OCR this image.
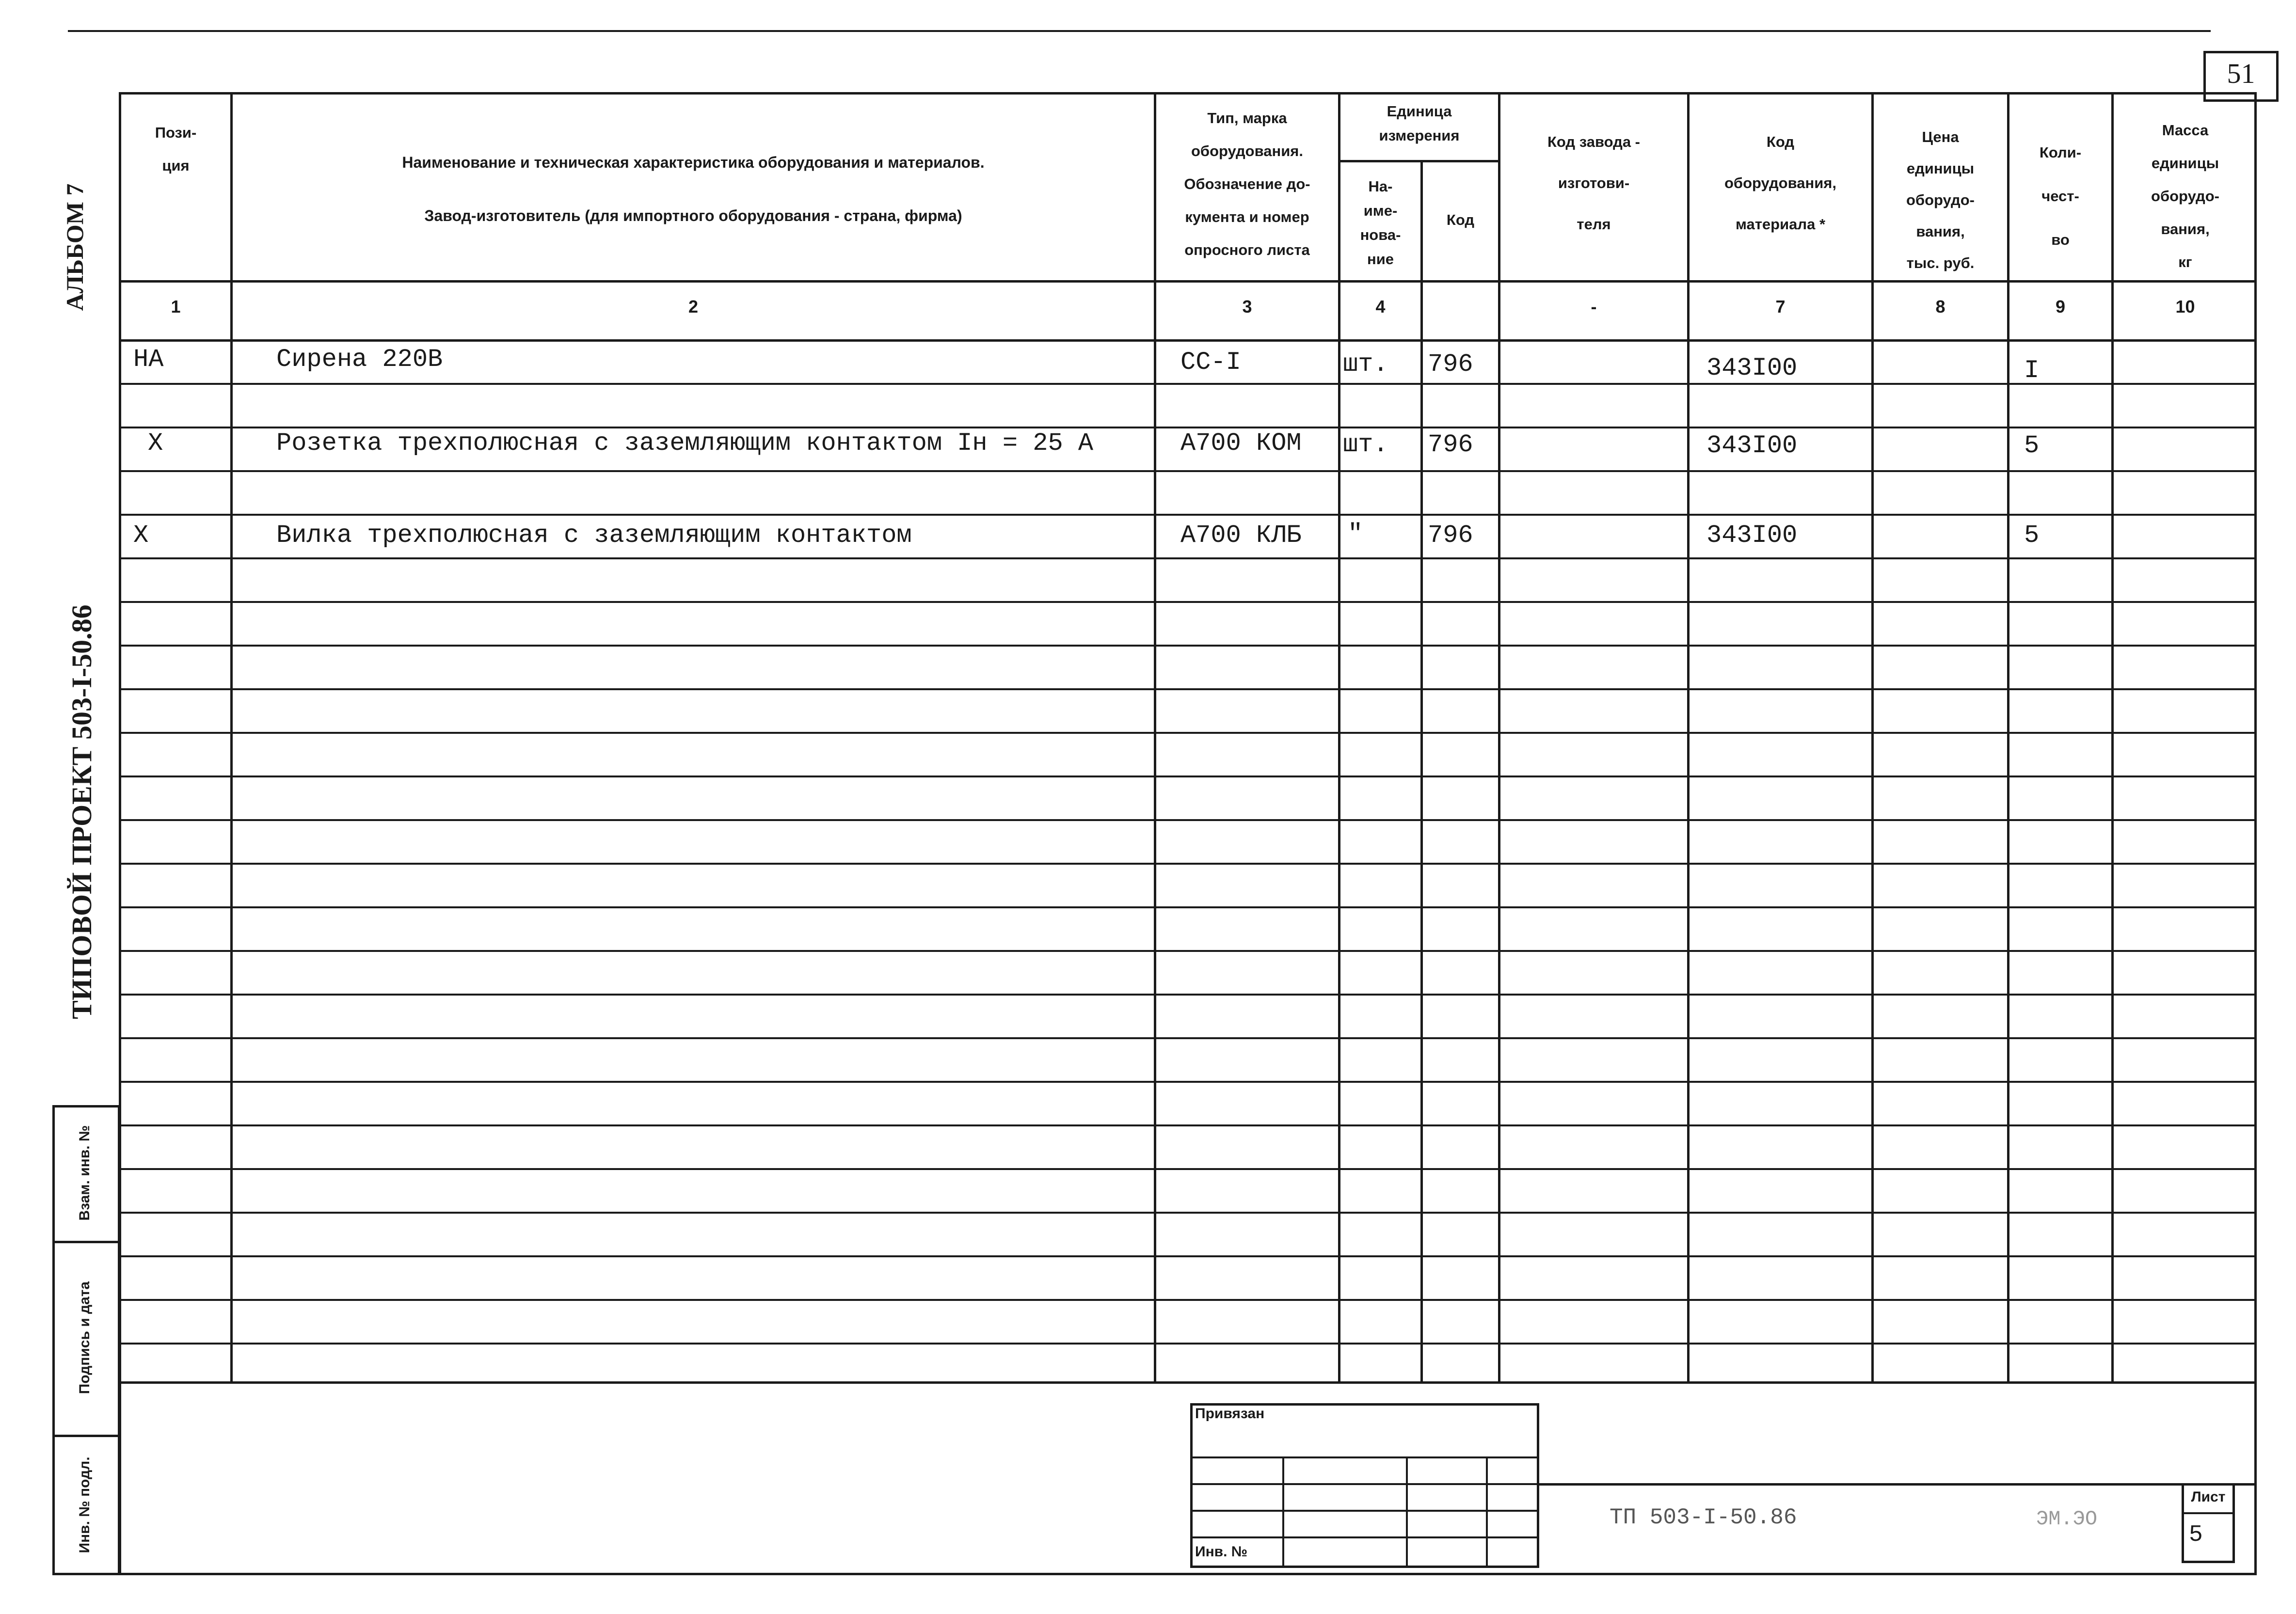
51
АЛЬБОМ 7
ТИПОВОЙ ПРОЕКТ 503-I-50.86
Взам. инв. №
Подпись и дата
Инв. № подл.
Пози-
ция	Наименование и техническая характеристика оборудования и материалов.
Завод-изготовитель (для импортного оборудования - страна, фирма)
Тип, марка
оборудования.
Обозначение до-
кумента и номер
опросного листа
Единица
измерения
На-
име-
нова-
ние
Код
Код завода -
изготови-
теля
Код
оборудования,
материала *
Цена
единицы
оборудо-
вания,
тыс. руб.
Коли-
чест-
во
Масса
единицы
оборудо-
вания,
кг
1	2	3	4	-	7	8	9	10
НА	Сирена 220В	СС-I	шт. 796	343I00	I
Х	Розетка трехполюсная с заземляющим контактом Iн = 25 А	А700 КОМ шт. 796	343I00	5
Х	Вилка трехполюсная с заземляющим контактом	А700 КЛБ "	796	343I00	5
Привязан
Инв. №
ТП 503-I-50.86	ЭМ.ЭО
Лист
5
